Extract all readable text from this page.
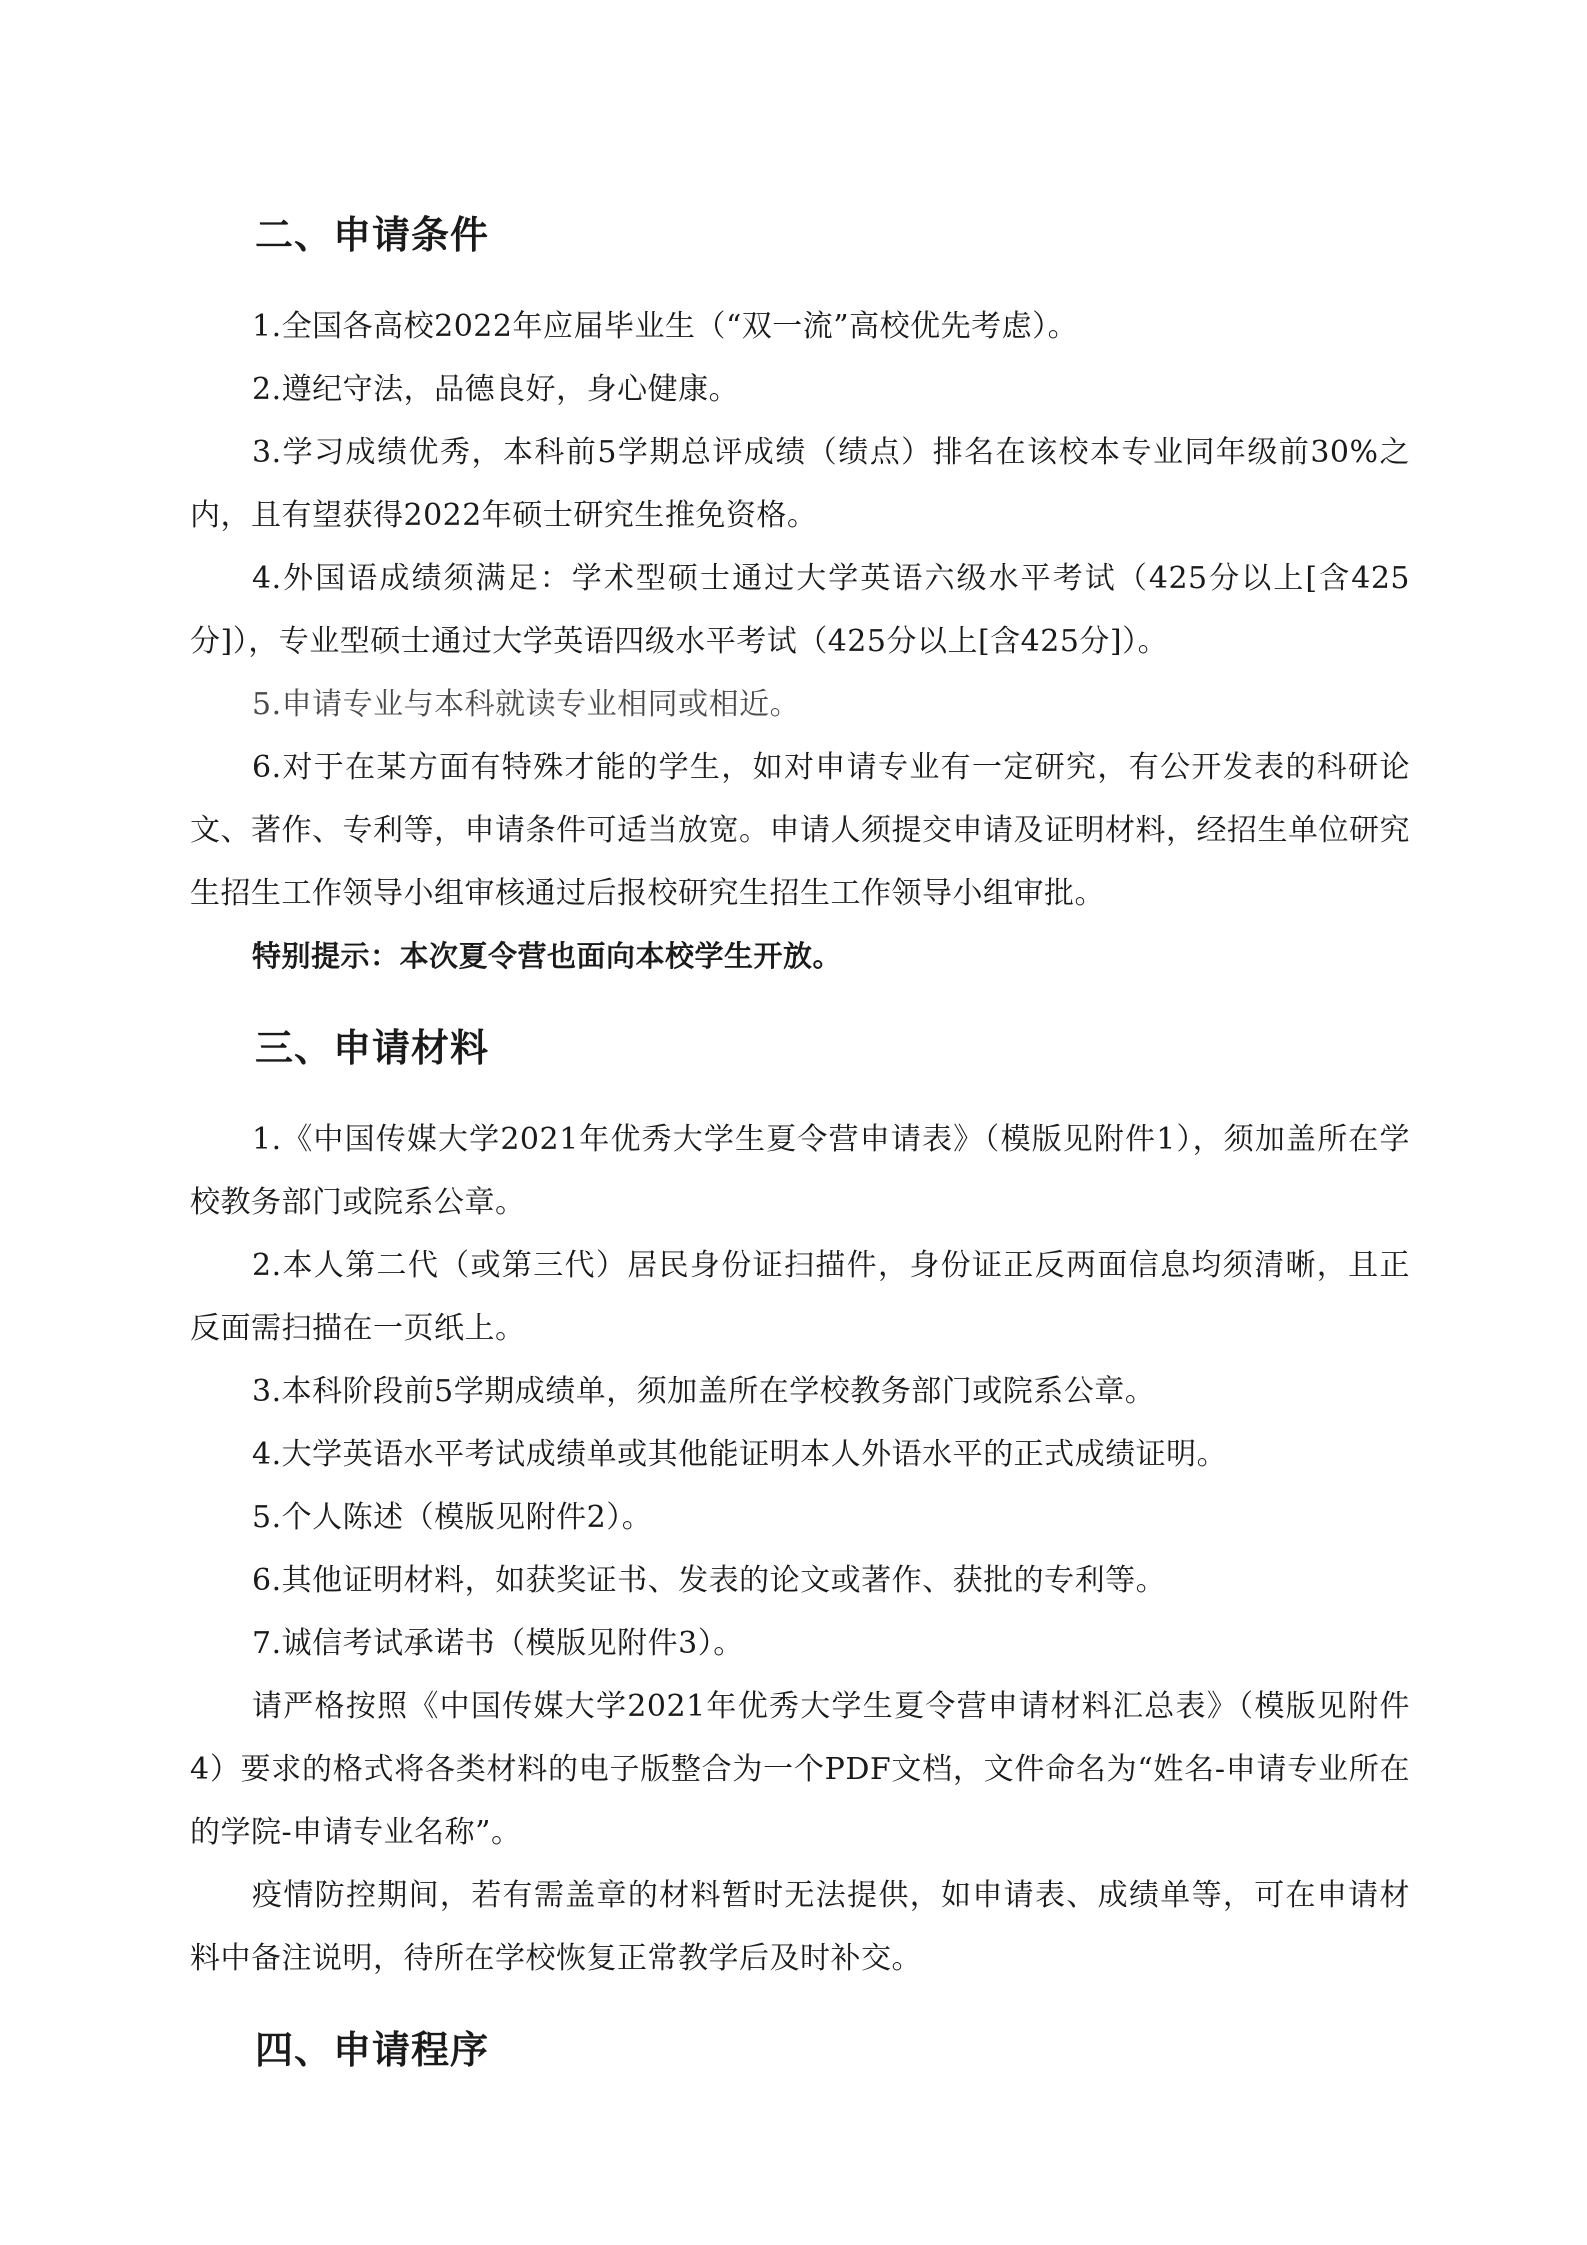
二、申请条件

1.全国各高校2022年应届毕业生（“双一流”高校优先考虑）。

2.遵纪守法，品德良好，身心健康。

3.学习成绩优秀，本科前5学期总评成绩（绩点）排名在该校本专业同年级前30%之内，且有望获得2022年硕士研究生推免资格。

4.外国语成绩须满足：学术型硕士通过大学英语六级水平考试（425分以上[含425分]），专业型硕士通过大学英语四级水平考试（425分以上[含425分]）。

5.申请专业与本科就读专业相同或相近。

6.对于在某方面有特殊才能的学生，如对申请专业有一定研究，有公开发表的科研论文、著作、专利等，申请条件可适当放宽。申请人须提交申请及证明材料，经招生单位研究生招生工作领导小组审核通过后报校研究生招生工作领导小组审批。

特别提示：本次夏令营也面向本校学生开放。

三、申请材料

1.《中国传媒大学2021年优秀大学生夏令营申请表》（模版见附件1），须加盖所在学校教务部门或院系公章。

2.本人第二代（或第三代）居民身份证扫描件，身份证正反两面信息均须清晰，且正反面需扫描在一页纸上。

3.本科阶段前5学期成绩单，须加盖所在学校教务部门或院系公章。

4.大学英语水平考试成绩单或其他能证明本人外语水平的正式成绩证明。

5.个人陈述（模版见附件2）。

6.其他证明材料，如获奖证书、发表的论文或著作、获批的专利等。

7.诚信考试承诺书（模版见附件3）。

请严格按照《中国传媒大学2021年优秀大学生夏令营申请材料汇总表》（模版见附件4）要求的格式将各类材料的电子版整合为一个PDF文档，文件命名为“姓名-申请专业所在的学院-申请专业名称”。

疫情防控期间，若有需盖章的材料暂时无法提供，如申请表、成绩单等，可在申请材料中备注说明，待所在学校恢复正常教学后及时补交。

四、申请程序
